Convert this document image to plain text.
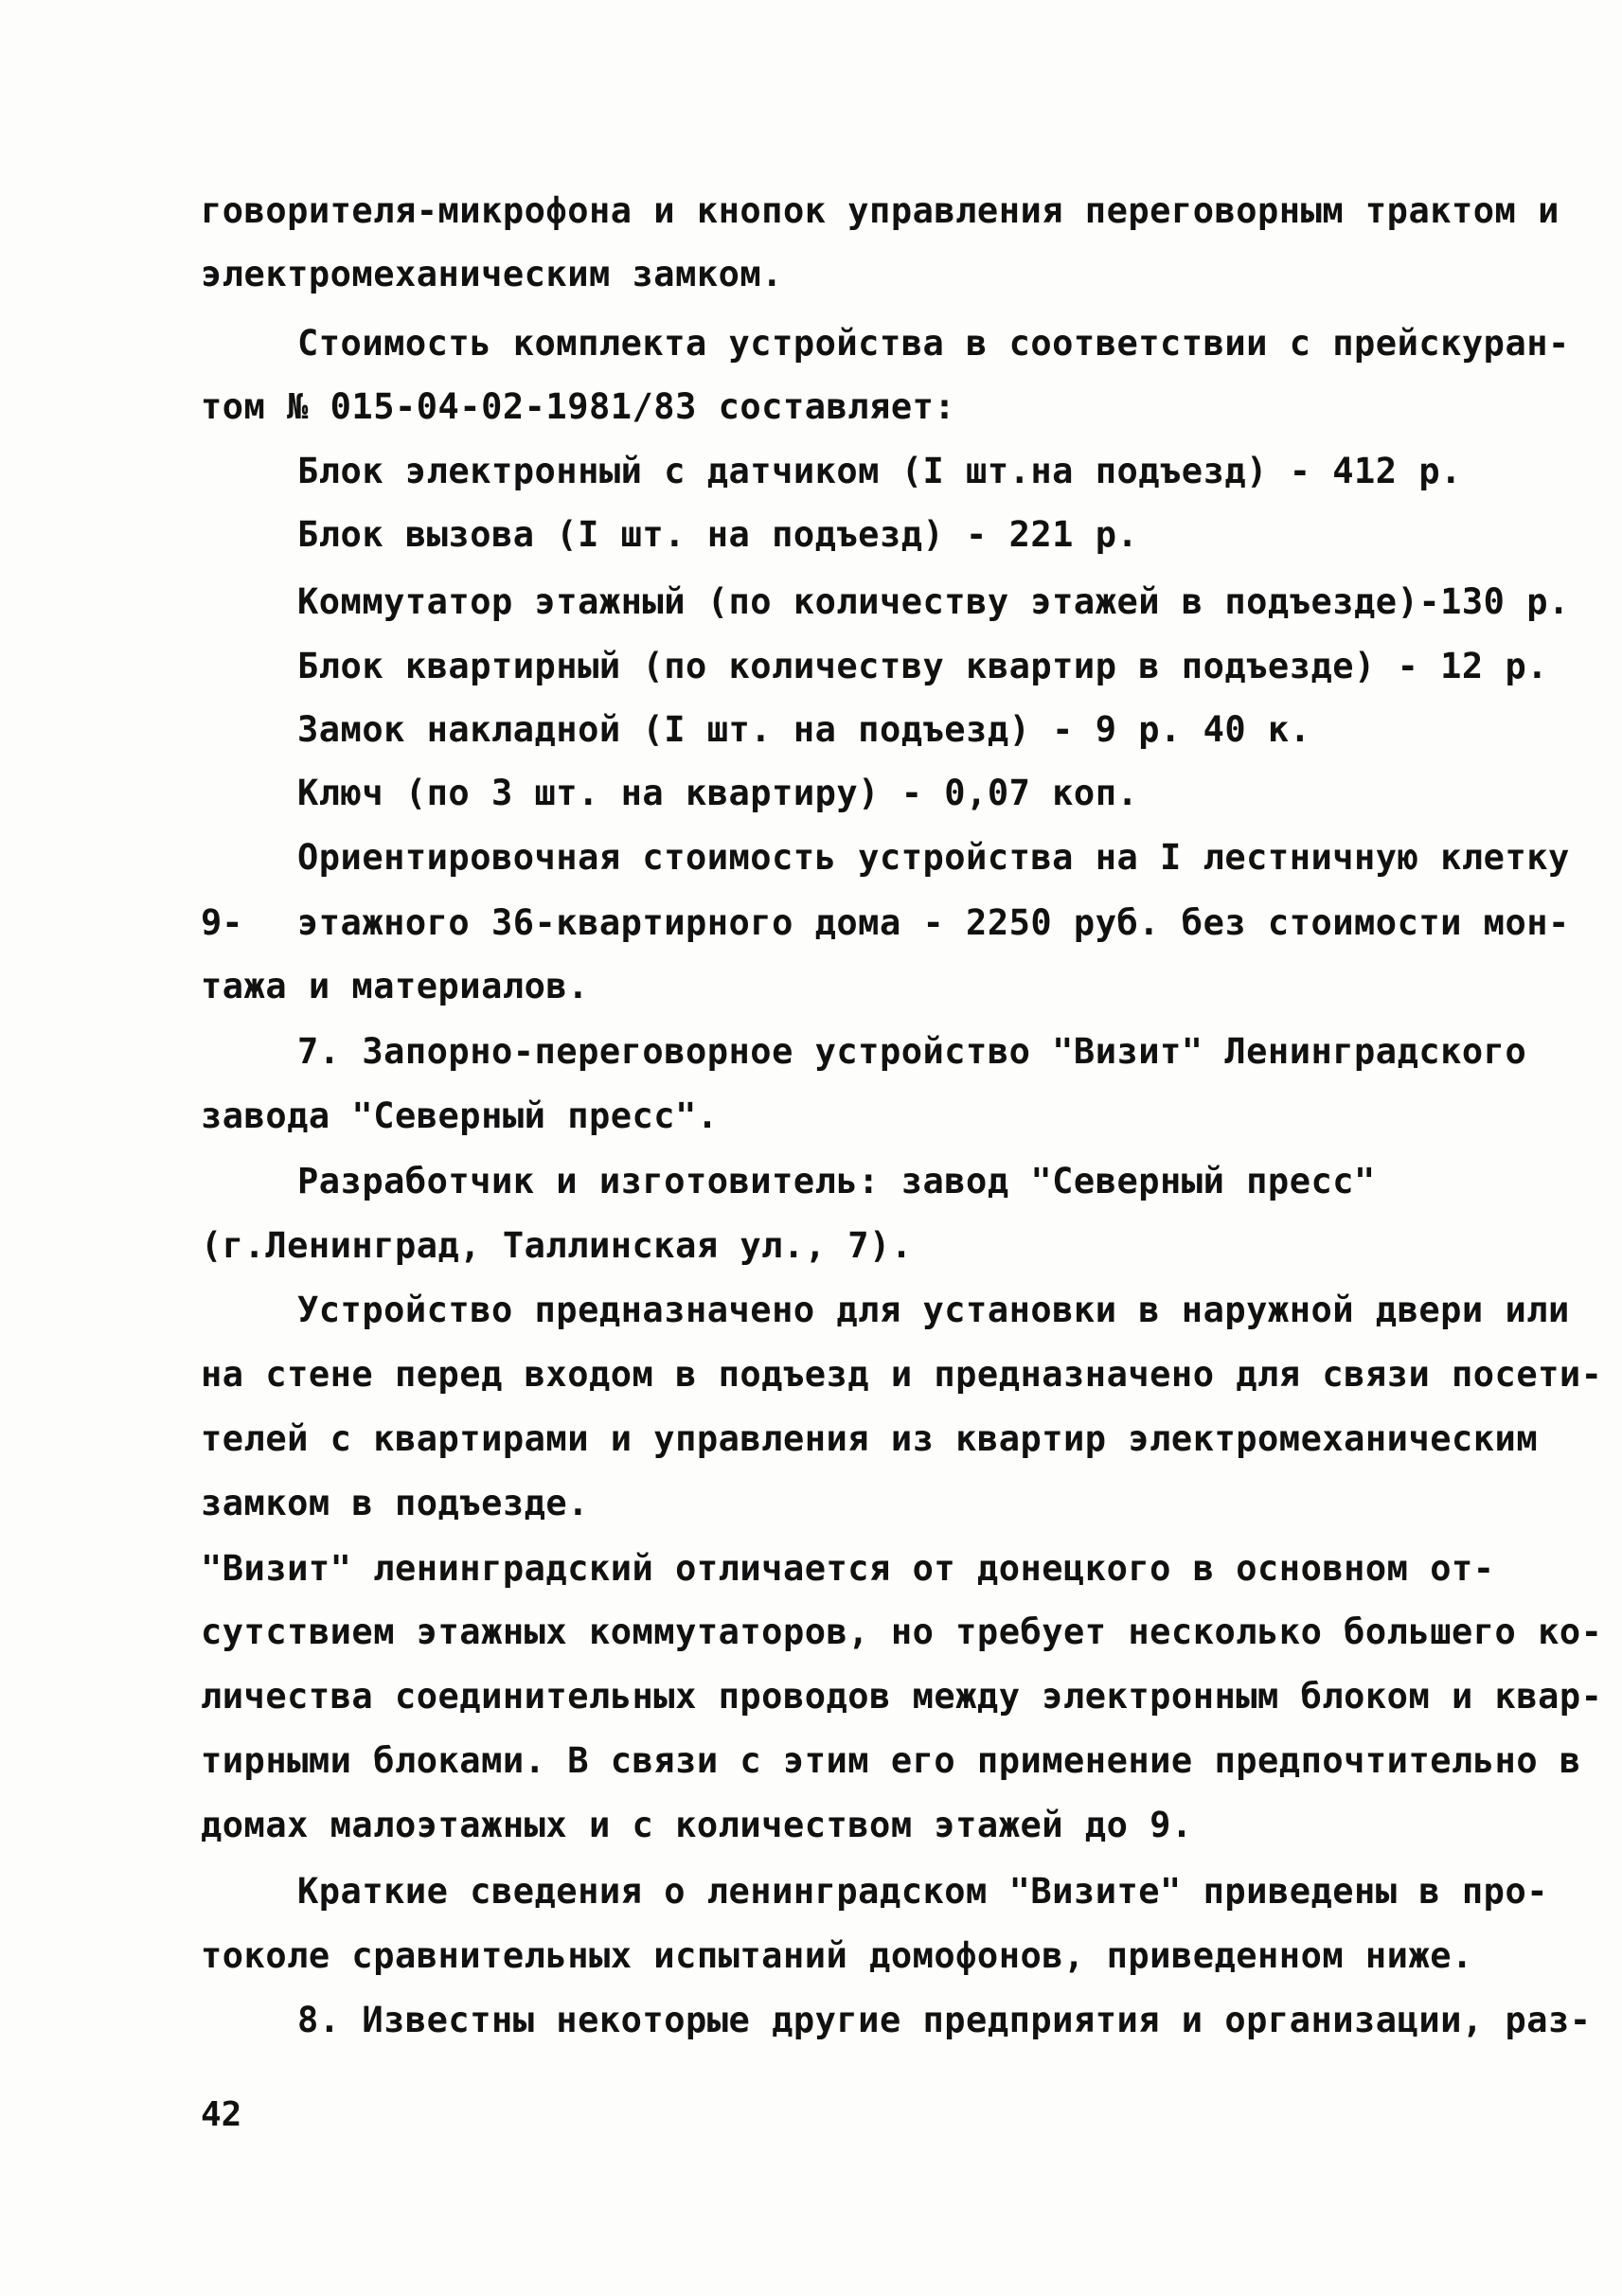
говорителя-микрофона и кнопок управления переговорным трактом и
электромеханическим замком.
Стоимость комплекта устройства в соответствии с прейскуран-
том № 015-04-02-1981/83 составляет:
Блок электронный с датчиком (I шт.на подъезд) - 412 р.
Блок вызова (I шт. на подъезд) - 221 р.
Коммутатор этажный (по количеству этажей в подъезде)-130 р.
Блок квартирный (по количеству квартир в подъезде) - 12 р.
Замок накладной (I шт. на подъезд) - 9 р. 40 к.
Ключ (по 3 шт. на квартиру) - 0,07 коп.
Ориентировочная стоимость устройства на I лестничную клетку
9- этажного 36-квартирного дома - 2250 руб. без стоимости мон-
тажа и материалов.
7. Запорно-переговорное устройство "Визит" Ленинградского
завода "Северный пресс".
Разработчик и изготовитель: завод "Северный пресс"
(г.Ленинград, Таллинская ул., 7).
Устройство предназначено для установки в наружной двери или
на стене перед входом в подъезд и предназначено для связи посети-
телей с квартирами и управления из квартир электромеханическим
замком в подъезде.
"Визит" ленинградский отличается от донецкого в основном от-
сутствием этажных коммутаторов, но требует несколько большего ко-
личества соединительных проводов между электронным блоком и квар-
тирными блоками. В связи с этим его применение предпочтительно в
домах малоэтажных и с количеством этажей до 9.
Краткие сведения о ленинградском "Визите" приведены в про-
токоле сравнительных испытаний домофонов, приведенном ниже.
8. Известны некоторые другие предприятия и организации, раз-
42
